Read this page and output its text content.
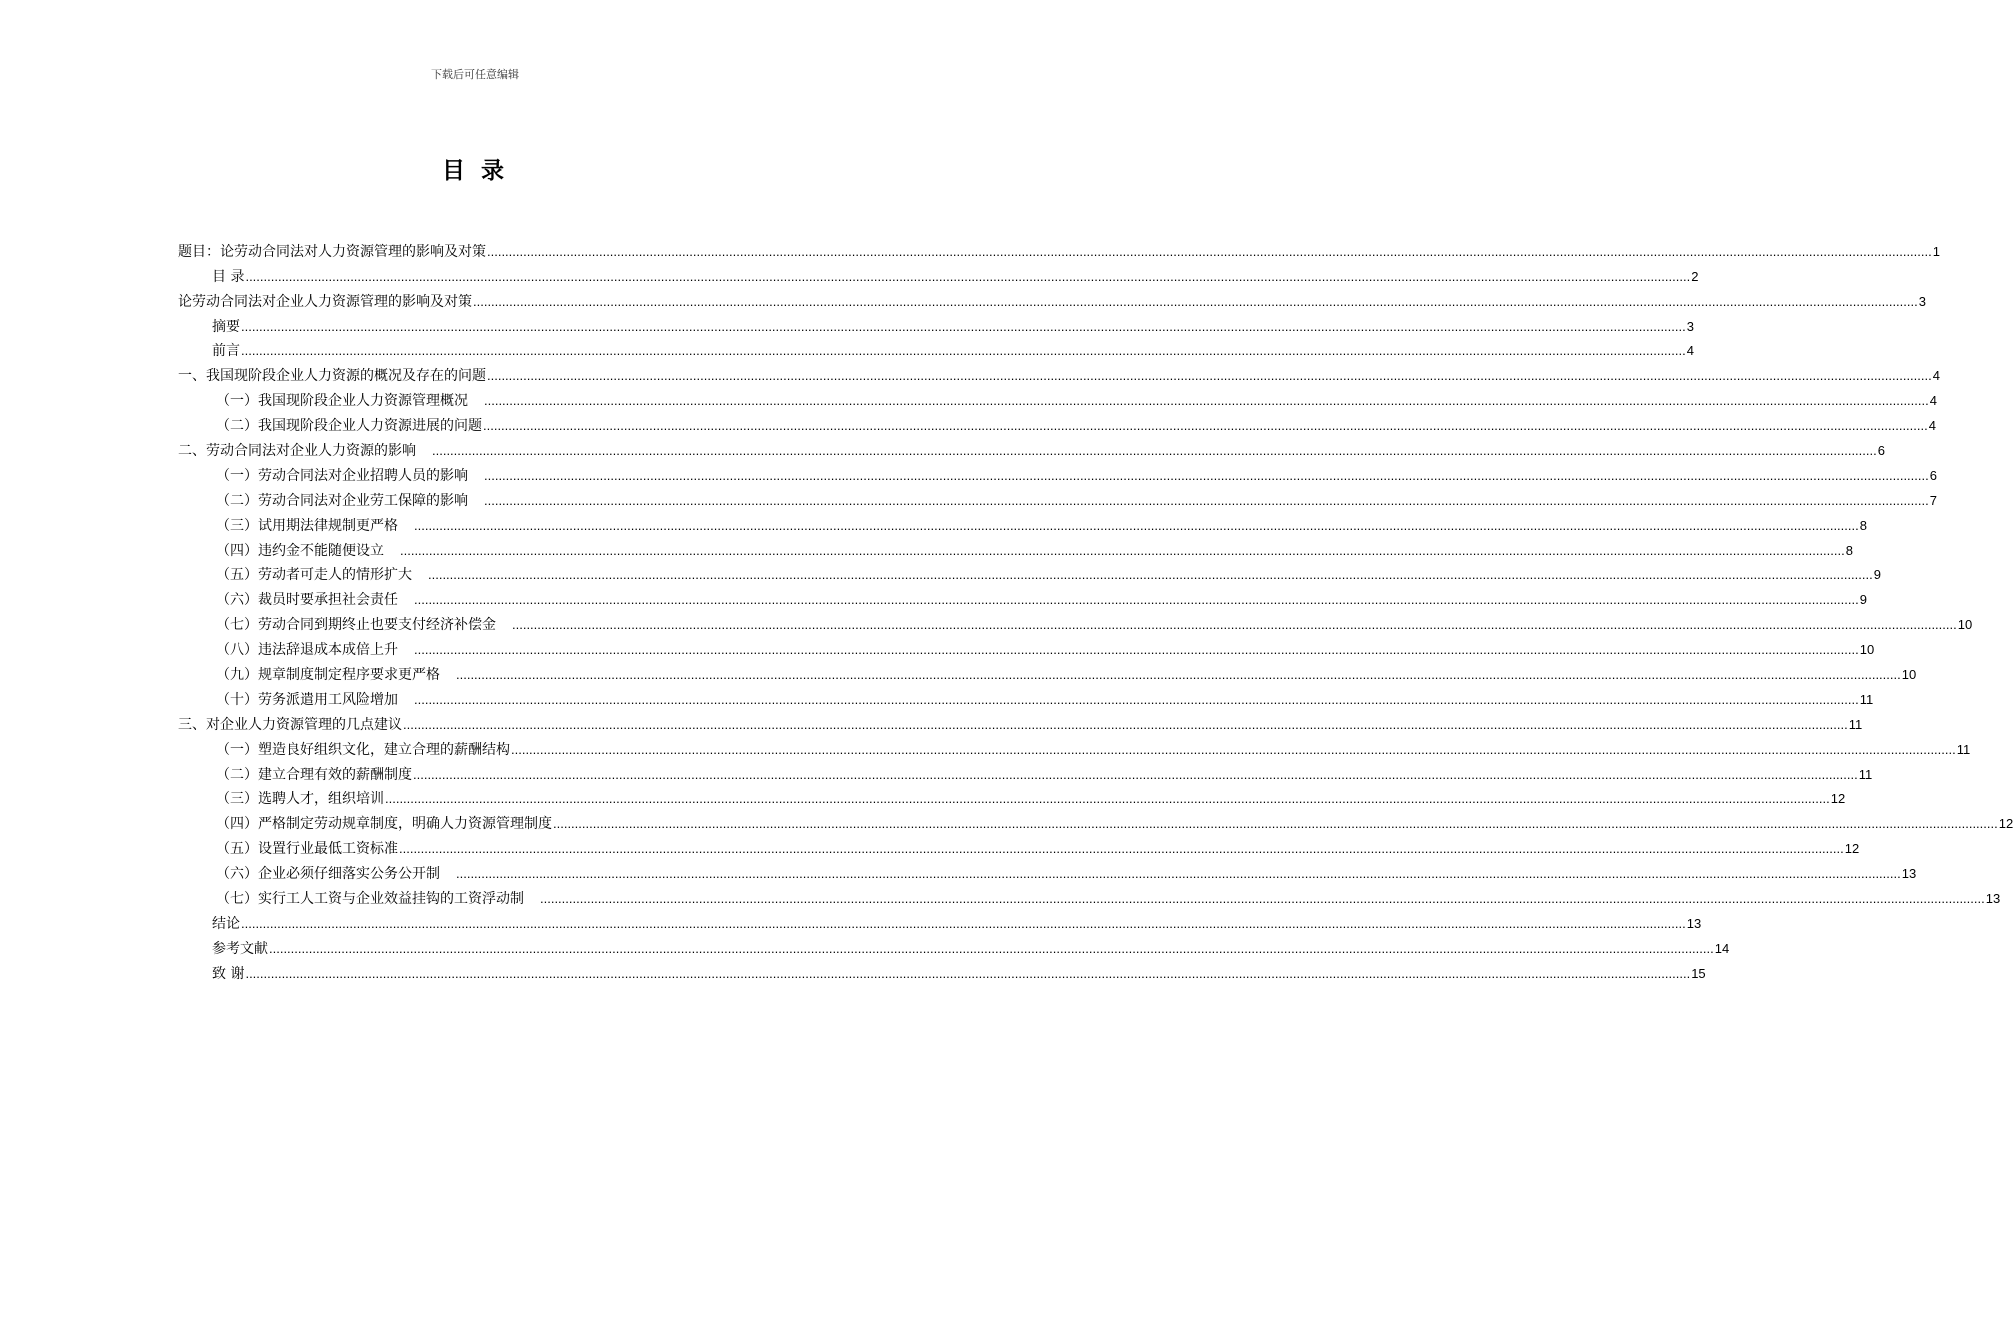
下载后可任意编辑
目 录
题目：论劳动合同法对人力资源管理的影响及对策 ................................................................................................................................................................................................................................................................................................................................................................................................................ 1
目 录 ................................................................................................................................................................................................................................................................................................................................................................................................................ 2
论劳动合同法对企业人力资源管理的影响及对策 ................................................................................................................................................................................................................................................................................................................................................................................................................ 3
摘要 ................................................................................................................................................................................................................................................................................................................................................................................................................ 3
前言 ................................................................................................................................................................................................................................................................................................................................................................................................................ 4
一、我国现阶段企业人力资源的概况及存在的问题 ................................................................................................................................................................................................................................................................................................................................................................................................................ 4
（一）我国现阶段企业人力资源管理概况 ................................................................................................................................................................................................................................................................................................................................................................................................................ 4
（二）我国现阶段企业人力资源进展的问题 ................................................................................................................................................................................................................................................................................................................................................................................................................ 4
二、劳动合同法对企业人力资源的影响 ................................................................................................................................................................................................................................................................................................................................................................................................................ 6
（一）劳动合同法对企业招聘人员的影响 ................................................................................................................................................................................................................................................................................................................................................................................................................ 6
（二）劳动合同法对企业劳工保障的影响 ................................................................................................................................................................................................................................................................................................................................................................................................................ 7
（三）试用期法律规制更严格 ................................................................................................................................................................................................................................................................................................................................................................................................................ 8
（四）违约金不能随便设立 ................................................................................................................................................................................................................................................................................................................................................................................................................ 8
（五）劳动者可走人的情形扩大 ................................................................................................................................................................................................................................................................................................................................................................................................................ 9
（六）裁员时要承担社会责任 ................................................................................................................................................................................................................................................................................................................................................................................................................ 9
（七）劳动合同到期终止也要支付经济补偿金 ................................................................................................................................................................................................................................................................................................................................................................................................................ 10
（八）违法辞退成本成倍上升 ................................................................................................................................................................................................................................................................................................................................................................................................................ 10
（九）规章制度制定程序要求更严格 ................................................................................................................................................................................................................................................................................................................................................................................................................ 10
（十）劳务派遣用工风险增加 ................................................................................................................................................................................................................................................................................................................................................................................................................ 11
三、对企业人力资源管理的几点建议 ................................................................................................................................................................................................................................................................................................................................................................................................................ 11
（一）塑造良好组织文化，建立合理的薪酬结构 ................................................................................................................................................................................................................................................................................................................................................................................................................ 11
（二）建立合理有效的薪酬制度 ................................................................................................................................................................................................................................................................................................................................................................................................................ 11
（三）选聘人才，组织培训 ................................................................................................................................................................................................................................................................................................................................................................................................................ 12
（四）严格制定劳动规章制度，明确人力资源管理制度 ................................................................................................................................................................................................................................................................................................................................................................................................................ 12
（五）设置行业最低工资标准 ................................................................................................................................................................................................................................................................................................................................................................................................................ 12
（六）企业必须仔细落实公务公开制 ................................................................................................................................................................................................................................................................................................................................................................................................................ 13
（七）实行工人工资与企业效益挂钩的工资浮动制 ................................................................................................................................................................................................................................................................................................................................................................................................................ 13
结论 ................................................................................................................................................................................................................................................................................................................................................................................................................ 13
参考文献 ................................................................................................................................................................................................................................................................................................................................................................................................................ 14
致 谢 ................................................................................................................................................................................................................................................................................................................................................................................................................ 15
